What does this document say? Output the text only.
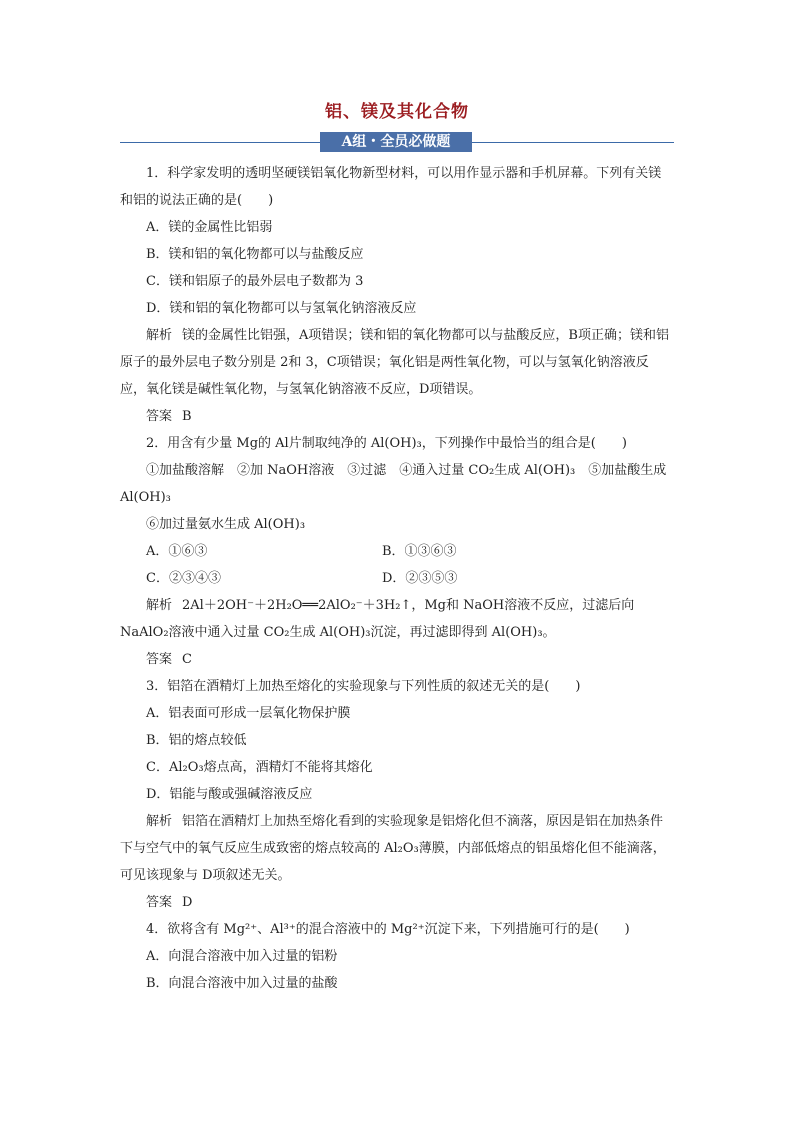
铝、镁及其化合物
A组・全员必做题

1．科学家发明的透明坚硬镁铝氧化物新型材料，可以用作显示器和手机屏幕。下列有关镁和铝的说法正确的是(　　)

A．镁的金属性比铝弱

B．镁和铝的氧化物都可以与盐酸反应

C．镁和铝原子的最外层电子数都为 3

D．镁和铝的氧化物都可以与氢氧化钠溶液反应

解析 镁的金属性比铝强，A项错误；镁和铝的氧化物都可以与盐酸反应，B项正确；镁和铝原子的最外层电子数分别是 2和 3，C项错误；氧化铝是两性氧化物，可以与氢氧化钠溶液反应，氧化镁是碱性氧化物，与氢氧化钠溶液不反应，D项错误。

答案 B

2．用含有少量 Mg的 Al片制取纯净的 Al(OH)₃，下列操作中最恰当的组合是(　　)

①加盐酸溶解　②加 NaOH溶液　③过滤　④通入过量 CO₂生成 Al(OH)₃　⑤加盐酸生成 Al(OH)₃

⑥加过量氨水生成 Al(OH)₃

A．①⑥③	B．①③⑥③
C．②③④③	D．②③⑤③

解析 2Al＋2OH⁻＋2H₂O══2AlO₂⁻＋3H₂↑，Mg和 NaOH溶液不反应，过滤后向 NaAlO₂溶液中通入过量 CO₂生成 Al(OH)₃沉淀，再过滤即得到 Al(OH)₃。

答案 C

3．铝箔在酒精灯上加热至熔化的实验现象与下列性质的叙述无关的是(　　)

A．铝表面可形成一层氧化物保护膜

B．铝的熔点较低

C．Al₂O₃熔点高，酒精灯不能将其熔化

D．铝能与酸或强碱溶液反应

解析 铝箔在酒精灯上加热至熔化看到的实验现象是铝熔化但不滴落，原因是铝在加热条件下与空气中的氧气反应生成致密的熔点较高的 Al₂O₃薄膜，内部低熔点的铝虽熔化但不能滴落，可见该现象与 D项叙述无关。

答案 D

4．欲将含有 Mg²⁺、Al³⁺的混合溶液中的 Mg²⁺沉淀下来，下列措施可行的是(　　)

A．向混合溶液中加入过量的铝粉

B．向混合溶液中加入过量的盐酸
